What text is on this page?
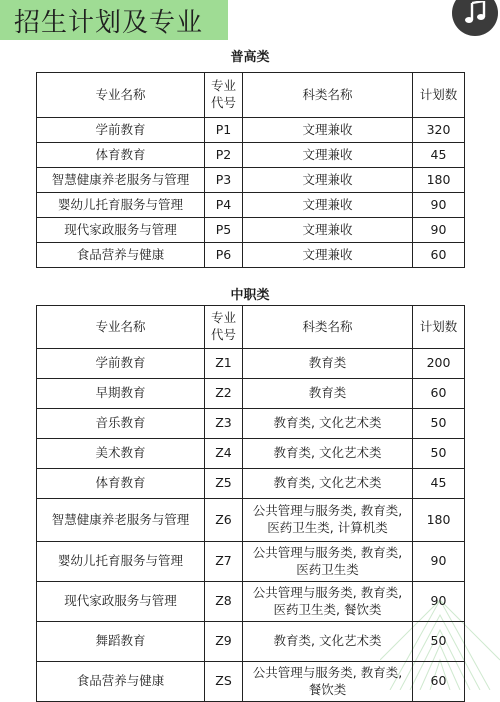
招生计划及专业
普高类
专业名称	专业代号	科类名称	计划数
学前教育	P1	文理兼收	320
体育教育	P2	文理兼收	45
智慧健康养老服务与管理	P3	文理兼收	180
婴幼儿托育服务与管理	P4	文理兼收	90
现代家政服务与管理	P5	文理兼收	90
食品营养与健康	P6	文理兼收	60
中职类
专业名称	专业代号	科类名称	计划数
学前教育	Z1	教育类	200
早期教育	Z2	教育类	60
音乐教育	Z3	教育类, 文化艺术类	50
美术教育	Z4	教育类, 文化艺术类	50
体育教育	Z5	教育类, 文化艺术类	45
智慧健康养老服务与管理	Z6	公共管理与服务类, 教育类, 医药卫生类, 计算机类	180
婴幼儿托育服务与管理	Z7	公共管理与服务类, 教育类, 医药卫生类	90
现代家政服务与管理	Z8	公共管理与服务类, 教育类, 医药卫生类, 餐饮类	90
舞蹈教育	Z9	教育类, 文化艺术类	50
食品营养与健康	ZS	公共管理与服务类, 教育类, 餐饮类	60
